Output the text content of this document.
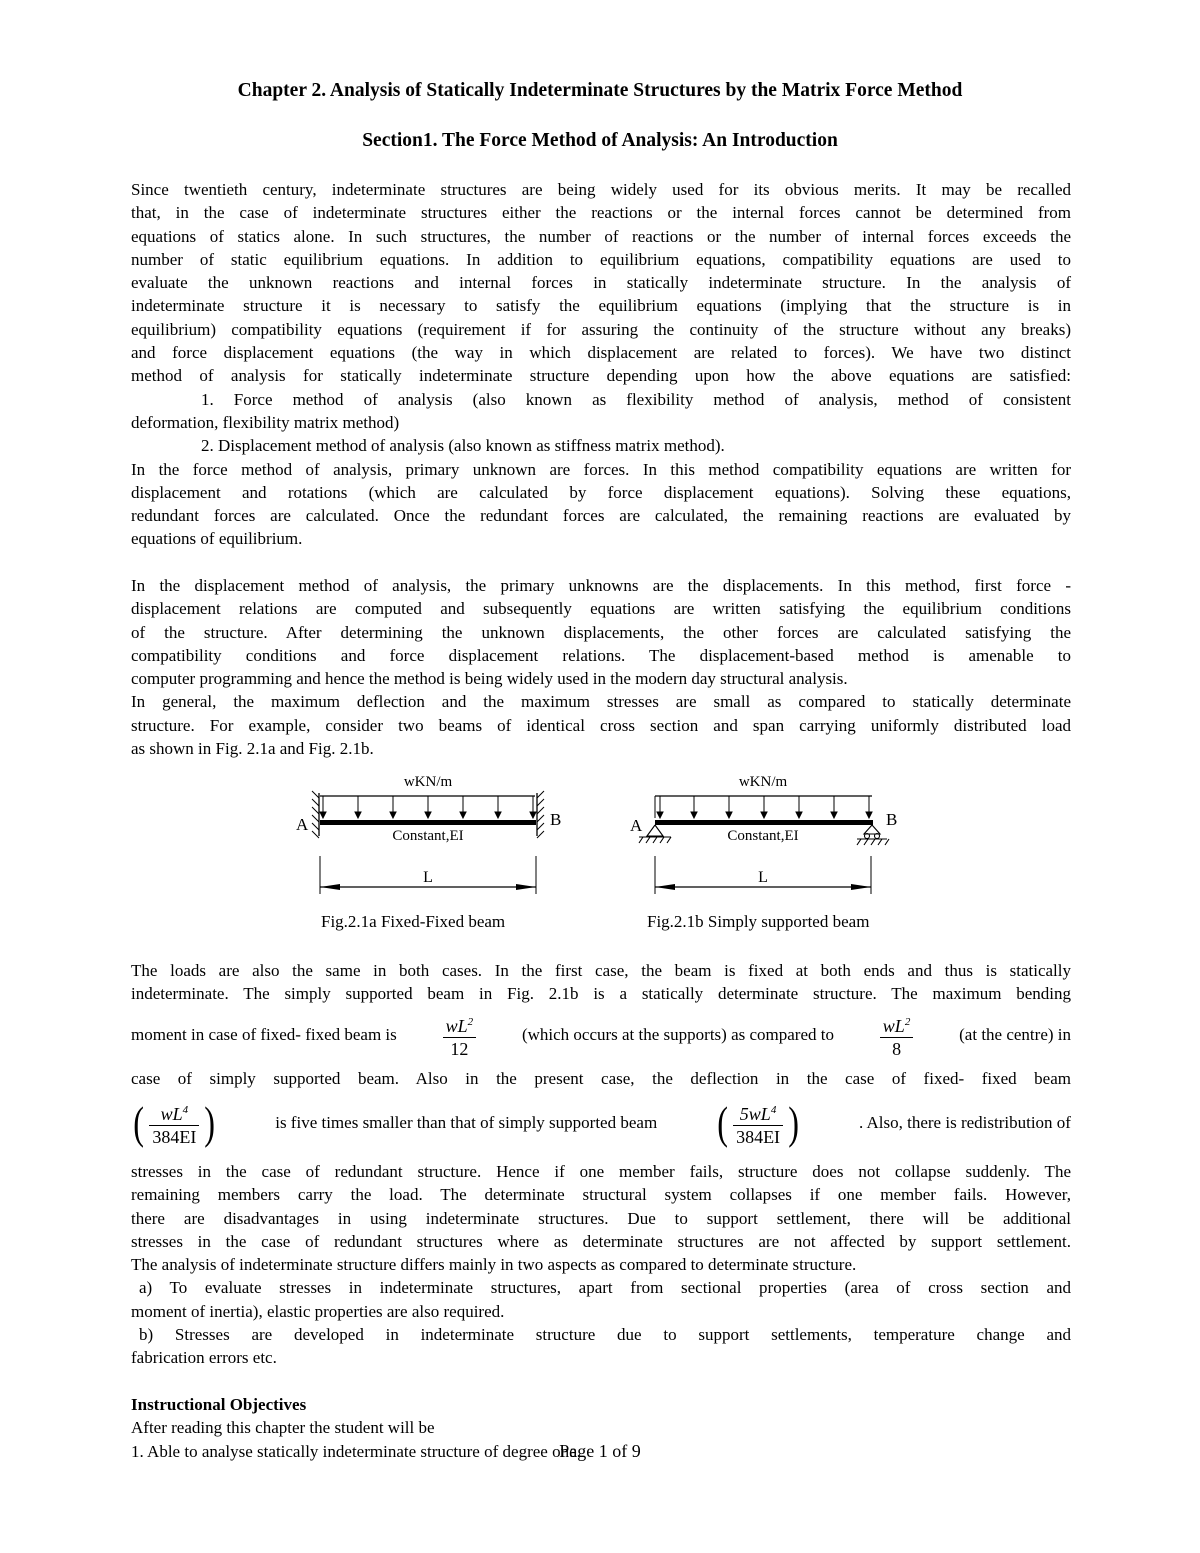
Chapter 2. Analysis of Statically Indeterminate Structures by the Matrix Force Method
Section1. The Force Method of Analysis: An Introduction
Since twentieth century, indeterminate structures are being widely used for its obvious merits. It may be recalled
that, in the case of indeterminate structures either the reactions or the internal forces cannot be determined from
equations of statics alone. In such structures, the number of reactions or the number of internal forces exceeds the
number of static equilibrium equations. In addition to equilibrium equations, compatibility equations are used to
evaluate the unknown reactions and internal forces in statically indeterminate structure. In the analysis of
indeterminate structure it is necessary to satisfy the equilibrium equations (implying that the structure is in
equilibrium) compatibility equations (requirement if for assuring the continuity of the structure without any breaks)
and force displacement equations (the way in which displacement are related to forces). We have two distinct
method of analysis for statically indeterminate structure depending upon how the above equations are satisfied:
1. Force method of analysis (also known as flexibility method of analysis, method of consistent
deformation, flexibility matrix method)
2. Displacement method of analysis (also known as stiffness matrix method).
In the force method of analysis, primary unknown are forces. In this method compatibility equations are written for
displacement and rotations (which are calculated by force displacement equations). Solving these equations,
redundant forces are calculated. Once the redundant forces are calculated, the remaining reactions are evaluated by
equations of equilibrium.
In the displacement method of analysis, the primary unknowns are the displacements. In this method, first force -
displacement relations are computed and subsequently equations are written satisfying the equilibrium conditions
of the structure. After determining the unknown displacements, the other forces are calculated satisfying the
compatibility conditions and force displacement relations. The displacement-based method is amenable to
computer programming and hence the method is being widely used in the modern day structural analysis.
In general, the maximum deflection and the maximum stresses are small as compared to statically determinate
structure. For example, consider two beams of identical cross section and span carrying uniformly distributed load
as shown in Fig. 2.1a and Fig. 2.1b.
wKN/m
A	B
Constant,EI
L
Fig.2.1a Fixed-Fixed beam
wKN/m
A	B
Constant,EI
L
Fig.2.1b Simply supported beam
The loads are also the same in both cases. In the first case, the beam is fixed at both ends and thus is statically
indeterminate. The simply supported beam in Fig. 2.1b is a statically determinate structure. The maximum bending
moment in case of fixed- fixed beam is	$\frac{wL^2}{12}$	(which occurs at the supports) as compared to	$\frac{wL^2}{8}$	(at the centre) in
case of simply supported beam. Also in the present case, the deflection in the case of fixed- fixed beam
( $\frac{wL^4}{384EI}$ )	is five times smaller than that of simply supported beam ( $\frac{5wL^4}{384EI}$ )	. Also, there is redistribution of
stresses in the case of redundant structure. Hence if one member fails, structure does not collapse suddenly. The
remaining members carry the load. The determinate structural system collapses if one member fails. However,
there are disadvantages in using indeterminate structures. Due to support settlement, there will be additional
stresses in the case of redundant structures where as determinate structures are not affected by support settlement.
The analysis of indeterminate structure differs mainly in two aspects as compared to determinate structure.
a) To evaluate stresses in indeterminate structures, apart from sectional properties (area of cross section and
moment of inertia), elastic properties are also required.
b) Stresses are developed in indeterminate structure due to support settlements, temperature change and
fabrication errors etc.
Instructional Objectives
After reading this chapter the student will be
1. Able to analyse statically indeterminate structure of degree one.
Page 1 of 9
